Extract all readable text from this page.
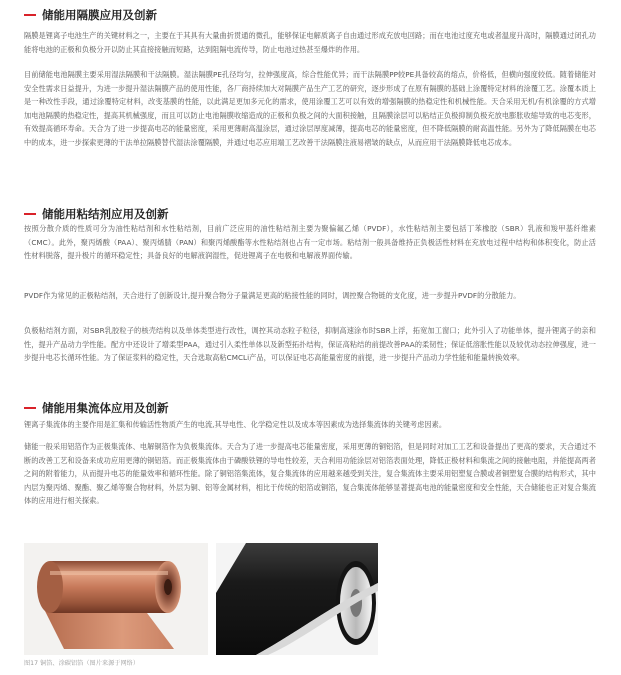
储能用隔膜应用及创新

隔膜是锂离子电池生产的关键材料之一，主要在于其具有大量曲折贯通的微孔，能够保证电解质离子自由通过形成充放电回路；而在电池过度充电或者温度升高时，隔膜通过闭孔功能将电池的正极和负极分开以防止其直接接触而短路，达到阻隔电流传导，防止电池过热甚至爆炸的作用。

目前储能电池隔膜主要采用湿法隔膜和干法隔膜。湿法隔膜PE孔径均匀，拉伸强度高，综合性能优异；而干法隔膜PP较PE具备较高的熔点，价格低，但横向强度较低。随着储能对安全性需求日益提升，为进一步提升湿法隔膜产品的使用性能，各厂商持续加大对隔膜产品生产工艺的研究，逐步形成了在原有隔膜的基础上涂覆特定材料的涂覆工艺。涂覆本质上是一种改性手段，通过涂覆特定材料，改变基膜的性能，以此满足更加多元化的需求，使用涂覆工艺可以有效的增强隔膜的热稳定性和机械性能。天合采用无机/有机涂覆的方式增加电池隔膜的热稳定性，提高其机械强度，而且可以防止电池隔膜收缩造成的正极和负极之间的大面积接触，且隔膜涂层可以粘结正负极抑制负极充放电膨胀收缩导致的电芯变形，有效提高循环寿命。天合为了进一步提高电芯的能量密度，采用更薄耐高温涂层，通过涂层厚度减薄，提高电芯的能量密度，但不降低隔膜的耐高温性能。另外为了降低隔膜在电芯中的成本，进一步探索更薄的干法单拉隔膜替代湿法涂覆隔膜，并通过电芯应用端工艺改善干法隔膜注液易褶皱的缺点，从而应用干法隔膜降低电芯成本。

储能用粘结剂应用及创新

按照分散介质的性质可分为油性粘结剂和水性粘结剂，目前广泛应用的油性粘结剂主要为聚偏氟乙烯（PVDF），水性粘结剂主要包括丁苯橡胶（SBR）乳液和羧甲基纤维素（CMC）。此外，聚丙烯酸（PAA）、聚丙烯腈（PAN）和聚丙烯酸酯等水性粘结剂也占有一定市场。粘结剂一般具备维持正负极活性材料在充放电过程中结构和体积变化，防止活性材料脱落，提升极片的循环稳定性；具备良好的电解液润湿性，促进锂离子在电极和电解液界面传输。

PVDF作为常见的正极粘结剂，天合进行了创新设计,提升聚合物分子量满足更高的粘接性能的同时，调控聚合物链的支化度，进一步提升PVDF的分散能力。

负极粘结剂方面，对SBR乳胶粒子的核壳结构以及单体类型进行改性，调控其动态粒子粒径，抑制高速涂布时SBR上浮，拓宽加工窗口；此外引入了功能单体，提升锂离子的亲和性，提升产品动力学性能。配方中还设计了增柔型PAA，通过引入柔性单体以及新型拓扑结构，保证高粘结的前提改善PAA的柔韧性；保证低溶胀性能以及较优动态拉伸强度，进一步提升电芯长循环性能。为了保证浆料的稳定性，天合选取高粘CMCLi产品，可以保证电芯高能量密度的前提，进一步提升产品动力学性能和能量转换效率。

储能用集流体应用及创新

锂离子集流体的主要作用是汇集和传输活性物质产生的电流,其导电性、化学稳定性以及成本等因素成为选择集流体的关键考虑因素。

储能一般采用铝箔作为正极集流体、电解铜箔作为负极集流体。天合为了进一步提高电芯能量密度，采用更薄的铜铝箔，但是同时对加工工艺和设备提出了更高的要求，天合通过不断的改善工艺和设备来成功应用更薄的铜铝箔。而正极集流体由于磷酸铁锂的导电性较差，天合利用功能涂层对铝箔表面处理，降低正极材料和集流之间的接触电阻，并能提高两者之间的附着能力，从而提升电芯的能量效率和循环性能。除了铜铝箔集流体，复合集流体的应用越来越受到关注，复合集流体主要采用铝塑复合膜或者铜塑复合膜的结构形式，其中内层为聚丙烯、聚酯、聚乙烯等聚合物材料，外层为铜、铝等金属材料，相比于传统的铝箔或铜箔，复合集流体能够显著提高电池的能量密度和安全性能，天合储能也正对复合集流体的应用进行相关探索。

图17 铜箔、涂碳铝箔（图片来源于网络）
